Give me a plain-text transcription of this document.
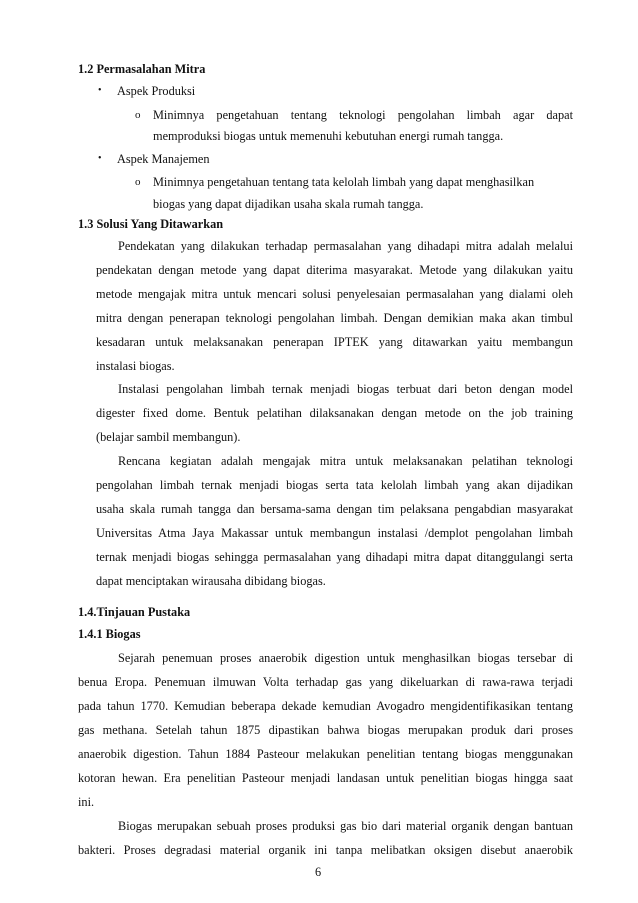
1.2 Permasalahan Mitra
• Aspek Produksi
o Minimnya pengetahuan tentang teknologi pengolahan limbah agar dapat
memproduksi biogas untuk memenuhi kebutuhan energi rumah tangga.
• Aspek Manajemen
o Minimnya pengetahuan tentang tata kelolah limbah yang dapat menghasilkan
biogas yang dapat dijadikan usaha skala rumah tangga.
1.3 Solusi Yang Ditawarkan
Pendekatan yang dilakukan terhadap permasalahan yang dihadapi mitra adalah melalui
pendekatan dengan metode yang dapat diterima masyarakat. Metode yang dilakukan yaitu
metode mengajak mitra untuk mencari solusi penyelesaian permasalahan yang dialami oleh
mitra dengan penerapan teknologi pengolahan limbah. Dengan demikian maka akan timbul
kesadaran untuk melaksanakan penerapan IPTEK yang ditawarkan yaitu membangun
instalasi biogas.
Instalasi pengolahan limbah ternak menjadi biogas terbuat dari beton dengan model
digester fixed dome. Bentuk pelatihan dilaksanakan dengan metode on the job training
(belajar sambil membangun).
Rencana kegiatan adalah mengajak mitra untuk melaksanakan pelatihan teknologi
pengolahan limbah ternak menjadi biogas serta tata kelolah limbah yang akan dijadikan
usaha skala rumah tangga dan bersama-sama dengan tim pelaksana pengabdian masyarakat
Universitas Atma Jaya Makassar untuk membangun instalasi /demplot pengolahan limbah
ternak menjadi biogas sehingga permasalahan yang dihadapi mitra dapat ditanggulangi serta
dapat menciptakan wirausaha dibidang biogas.
1.4.Tinjauan Pustaka
1.4.1 Biogas
Sejarah penemuan proses anaerobik digestion untuk menghasilkan biogas tersebar di
benua Eropa. Penemuan ilmuwan Volta terhadap gas yang dikeluarkan di rawa-rawa terjadi
pada tahun 1770. Kemudian beberapa dekade kemudian Avogadro mengidentifikasikan tentang
gas methana. Setelah tahun 1875 dipastikan bahwa biogas merupakan produk dari proses
anaerobik digestion. Tahun 1884 Pasteour melakukan penelitian tentang biogas menggunakan
kotoran hewan. Era penelitian Pasteour menjadi landasan untuk penelitian biogas hingga saat
ini.
Biogas merupakan sebuah proses produksi gas bio dari material organik dengan bantuan
bakteri. Proses degradasi material organik ini tanpa melibatkan oksigen disebut anaerobik
6
